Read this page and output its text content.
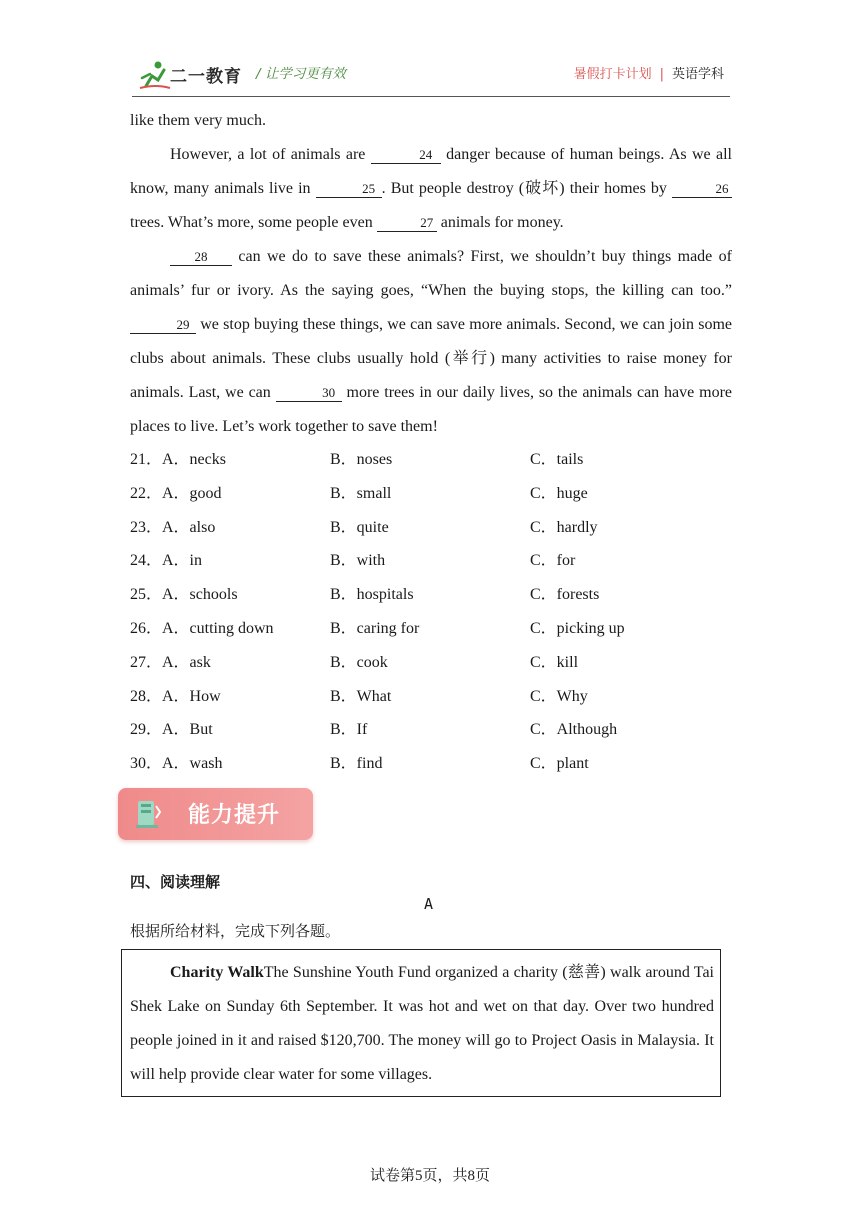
二一教育 / 让学习更有效	暑假打卡计划 | 英语学科
like them very much.
However, a lot of animals are	24 danger because of human beings. As we all know, many animals live in	25 . But people destroy (破坏) their homes by	26 trees. What’s more, some people even	27 animals for money.
28 can we do to save these animals? First, we shouldn’t buy things made of animals’ fur or ivory. As the saying goes, “When the buying stops, the killing can too.” 29 we stop buying these things, we can save more animals. Second, we can join some clubs about animals. These clubs usually hold (举行) many activities to raise money for animals. Last, we can	30 more trees in our daily lives, so the animals can have more places to live. Let’s work together to save them!
21．A．necks	B．noses	C．tails
22．A．good	B．small	C．huge
23．A．also	B．quite	C．hardly
24．A．in	B．with	C．for
25．A．schools	B．hospitals	C．forests
26．A．cutting down	B．caring for	C．picking up
27．A．ask	B．cook	C．kill
28．A．How	B．What	C．Why
29．A．But	B．If	C．Although
30．A．wash	B．find	C．plant
能力提升
四、阅读理解
A
根据所给材料，完成下列各题。
Charity WalkThe Sunshine Youth Fund organized a charity (慈善) walk around Tai Shek Lake on Sunday 6th September. It was hot and wet on that day. Over two hundred people joined in it and raised $120,700. The money will go to Project Oasis in Malaysia. It will help provide clear water for some villages.
试卷第5页，共8页
